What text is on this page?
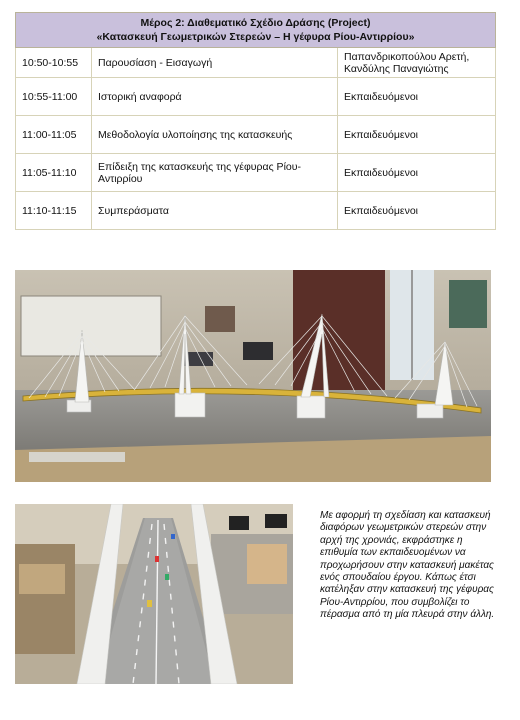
Μέρος 2: Διαθεματικό Σχέδιο Δράσης (Project)
«Κατασκευή Γεωμετρικών Στερεών – Η γέφυρα Ρίου-Αντιρρίου»		

10:50-10:55	Παρουσίαση - Εισαγωγή	Παπανδρικοπούλου Αρετή, Κανδύλης Παναγιώτης
10:55-11:00	Ιστορική αναφορά	Εκπαιδευόμενοι
11:00-11:05	Μεθοδολογία υλοποίησης της κατασκευής	Εκπαιδευόμενοι
11:05-11:10	Επίδειξη της κατασκευής της γέφυρας Ρίου-Αντιρρίου	Εκπαιδευόμενοι
11:10-11:15	Συμπεράσματα	Εκπαιδευόμενοι
Με αφορμή τη σχεδίαση και κατασκευή διαφόρων γεωμετρικών στερεών στην αρχή της χρονιάς, εκφράστηκε η επιθυμία των εκπαιδευομένων να προχωρήσουν στην κατασκευή μακέτας ενός σπουδαίου έργου. Κάπως έτσι κατέληξαν στην κατασκευή της γέφυρας Ρίου-Αντιρρίου, που συμβολίζει το πέρασμα από τη μία πλευρά στην άλλη.
